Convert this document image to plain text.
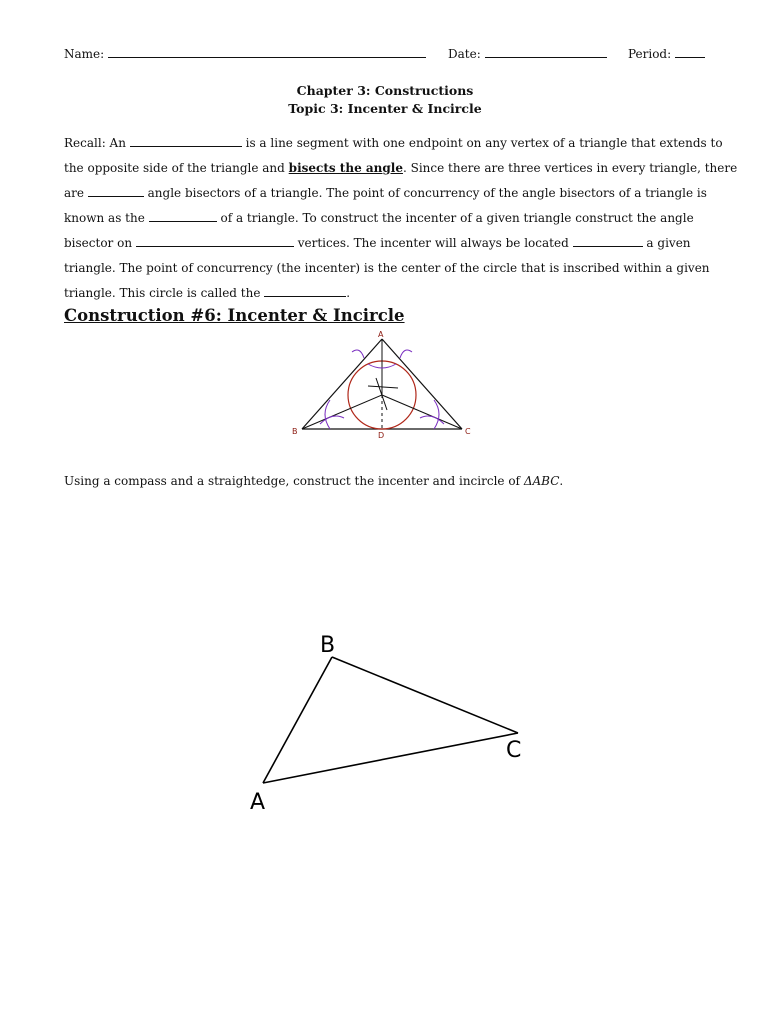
Name:	Date:	Period:
Chapter 3: Constructions
Topic 3: Incenter & Incircle
Recall: An	is a line segment with one endpoint on any vertex of a triangle that extends to
the opposite side of the triangle and bisects the angle. Since there are three vertices in every triangle, there
are	angle bisectors of a triangle. The point of concurrency of the angle bisectors of a triangle is
known as the	of a triangle. To construct the incenter of a given triangle construct the angle
bisector on	vertices. The incenter will always be located	a given
triangle. The point of concurrency (the incenter) is the center of the circle that is inscribed within a given
triangle. This circle is called the	.
Construction #6: Incenter & Incircle
A
B	C
D
Using a compass and a straightedge, construct the incenter and incircle of ΔABC.
B
C
A
